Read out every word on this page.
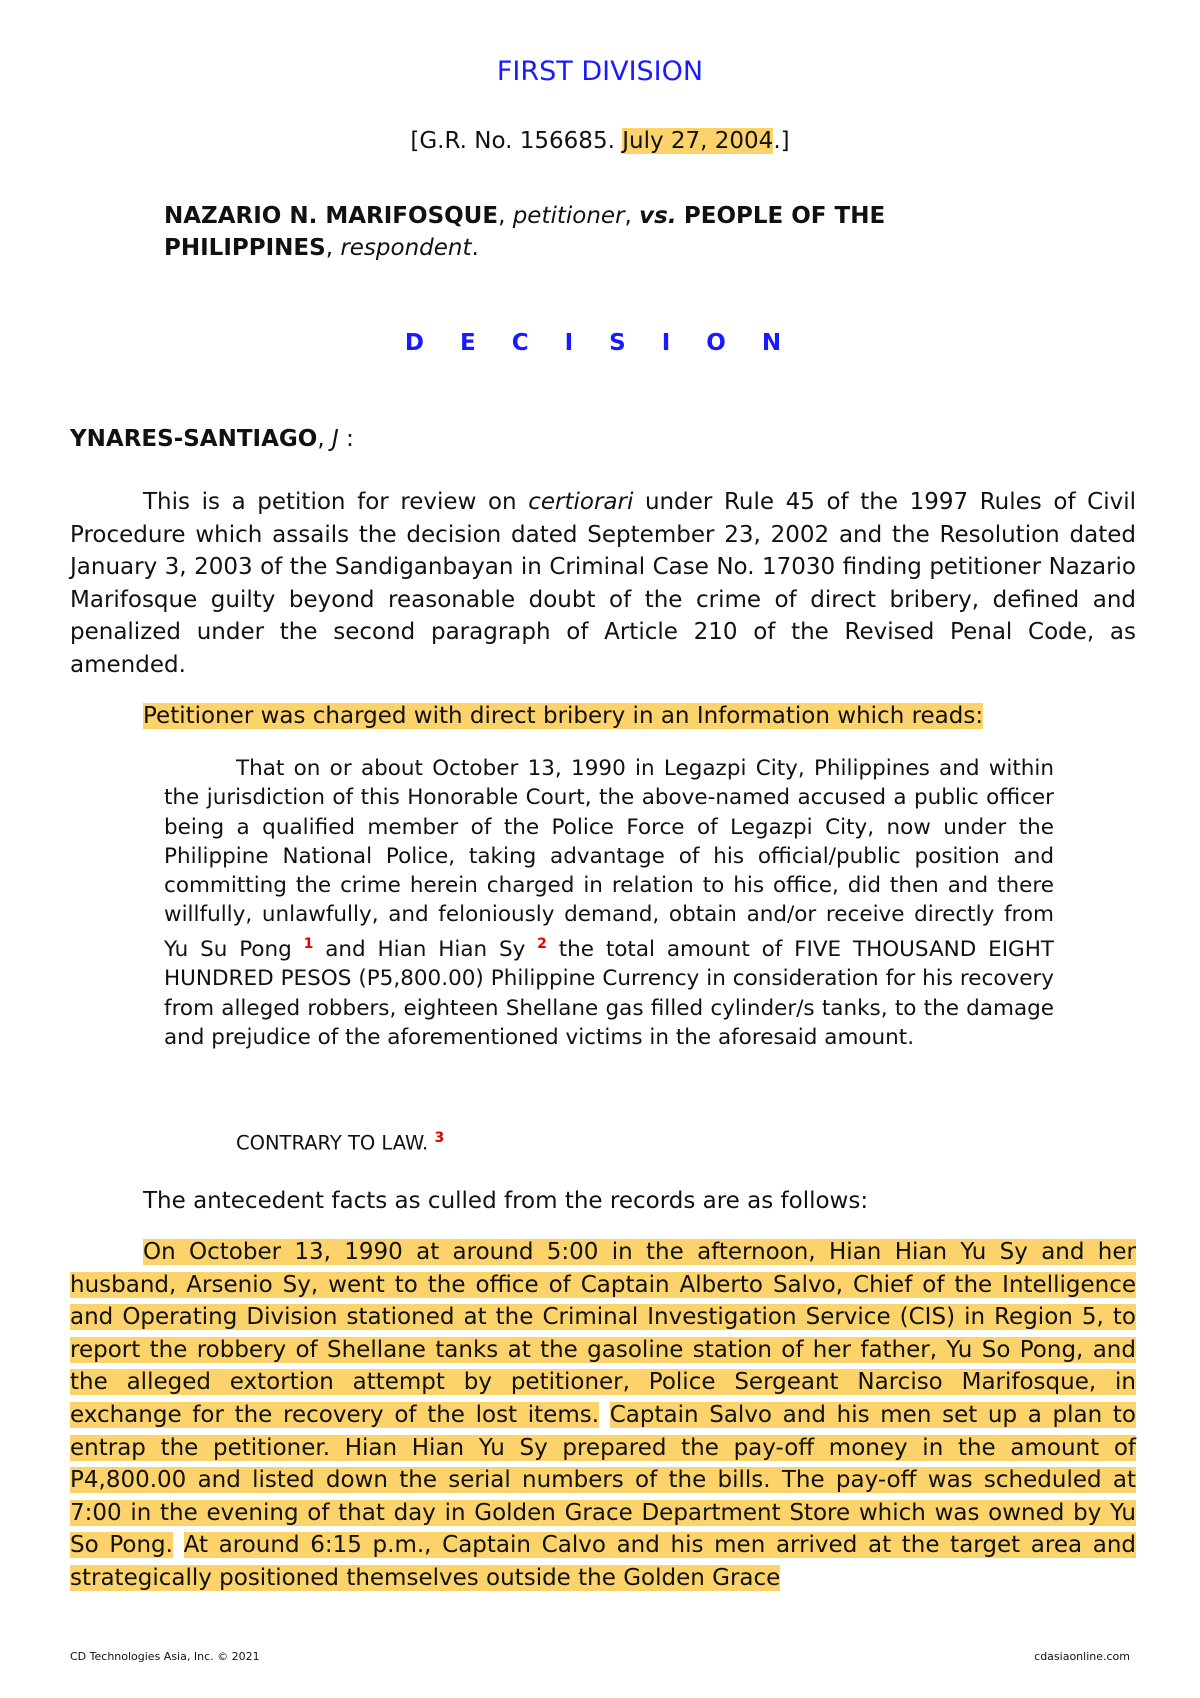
FIRST DIVISION
[G.R. No. 156685. July 27, 2004.]
NAZARIO N. MARIFOSQUE, petitioner, vs. PEOPLE OF THE PHILIPPINES, respondent.
D E C I S I O N
YNARES-SANTIAGO, J :
This is a petition for review on certiorari under Rule 45 of the 1997 Rules of Civil Procedure which assails the decision dated September 23, 2002 and the Resolution dated January 3, 2003 of the Sandiganbayan in Criminal Case No. 17030 finding petitioner Nazario Marifosque guilty beyond reasonable doubt of the crime of direct bribery, defined and penalized under the second paragraph of Article 210 of the Revised Penal Code, as amended.
Petitioner was charged with direct bribery in an Information which reads:
That on or about October 13, 1990 in Legazpi City, Philippines and within the jurisdiction of this Honorable Court, the above-named accused a public officer being a qualified member of the Police Force of Legazpi City, now under the Philippine National Police, taking advantage of his official/public position and committing the crime herein charged in relation to his office, did then and there willfully, unlawfully, and feloniously demand, obtain and/or receive directly from Yu Su Pong $^1$ and Hian Hian Sy $^2$ the total amount of FIVE THOUSAND EIGHT HUNDRED PESOS (P5,800.00) Philippine Currency in consideration for his recovery from alleged robbers, eighteen Shellane gas filled cylinder/s tanks, to the damage and prejudice of the aforementioned victims in the aforesaid amount.
CONTRARY TO LAW. $^3$
The antecedent facts as culled from the records are as follows:
On October 13, 1990 at around 5:00 in the afternoon, Hian Hian Yu Sy and her husband, Arsenio Sy, went to the office of Captain Alberto Salvo, Chief of the Intelligence and Operating Division stationed at the Criminal Investigation Service (CIS) in Region 5, to report the robbery of Shellane tanks at the gasoline station of her father, Yu So Pong, and the alleged extortion attempt by petitioner, Police Sergeant Narciso Marifosque, in exchange for the recovery of the lost items. Captain Salvo and his men set up a plan to entrap the petitioner. Hian Hian Yu Sy prepared the pay-off money in the amount of P4,800.00 and listed down the serial numbers of the bills. The pay-off was scheduled at 7:00 in the evening of that day in Golden Grace Department Store which was owned by Yu So Pong. At around 6:15 p.m., Captain Calvo and his men arrived at the target area and strategically positioned themselves outside the Golden Grace
CD Technologies Asia, Inc. © 2021	cdasiaonline.com
